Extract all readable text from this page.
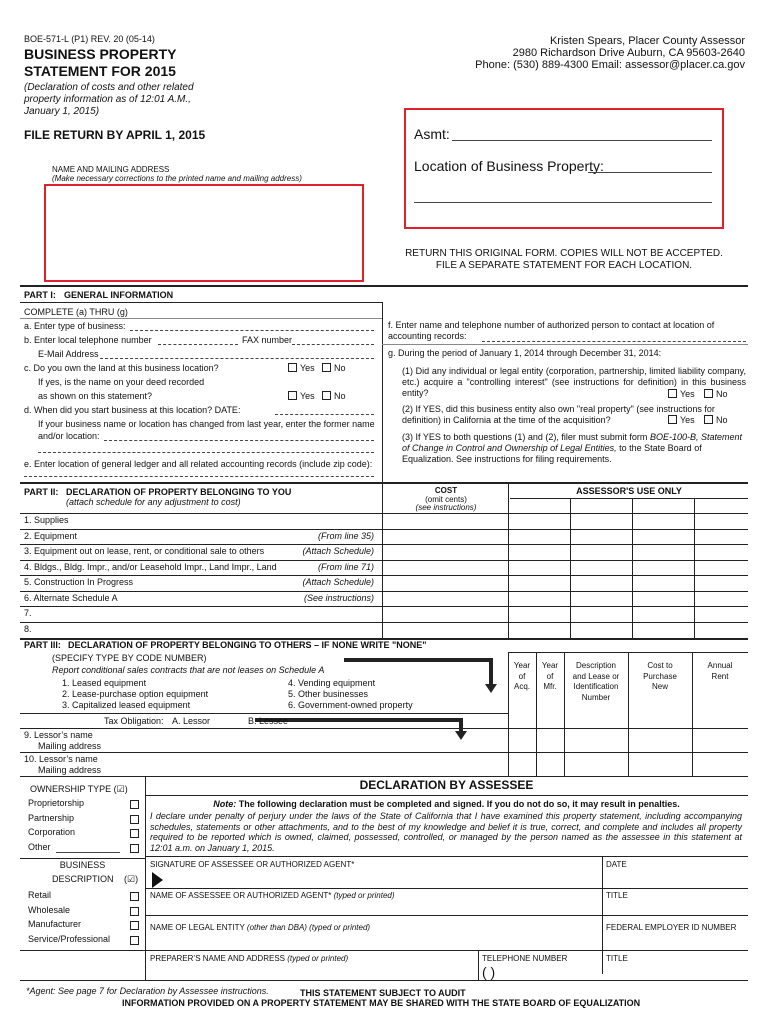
BOE-571-L (P1) REV. 20 (05-14)
BUSINESS PROPERTY
STATEMENT FOR 2015
(Declaration of costs and other related property information as of 12:01 A.M., January 1, 2015)
FILE RETURN BY APRIL 1, 2015
Kristen Spears, Placer County Assessor
2980 Richardson Drive Auburn, CA 95603-2640
Phone: (530) 889-4300 Email: assessor@placer.ca.gov
NAME AND MAILING ADDRESS
(Make necessary corrections to the printed name and mailing address)
Asmt:
Location of Business Property:
RETURN THIS ORIGINAL FORM. COPIES WILL NOT BE ACCEPTED.
FILE A SEPARATE STATEMENT FOR EACH LOCATION.
PART I: GENERAL INFORMATION
COMPLETE (a) THRU (g)
a. Enter type of business:
b. Enter local telephone number	FAX number
E-Mail Address
c. Do you own the land at this business location?	Yes	No
If yes, is the name on your deed recorded
as shown on this statement?	Yes	No
d. When did you start business at this location? DATE:
If your business name or location has changed from last year, enter the former name
and/or location:
e. Enter location of general ledger and all related accounting records (include zip code):
f. Enter name and telephone number of authorized person to contact at location of accounting records:
g. During the period of January 1, 2014 through December 31, 2014:
(1) Did any individual or legal entity (corporation, partnership, limited liability company, etc.) acquire a "controlling interest" (see instructions for definition) in this business entity?	Yes	No
(2) If YES, did this business entity also own "real property" (see instructions for definition) in California at the time of the acquisition?	Yes	No
(3) If YES to both questions (1) and (2), filer must submit form BOE-100-B, Statement of Change in Control and Ownership of Legal Entities, to the State Board of Equalization. See instructions for filing requirements.
PART II: DECLARATION OF PROPERTY BELONGING TO YOU
(attach schedule for any adjustment to cost)
COST
(omit cents)
(see instructions)
ASSESSOR'S USE ONLY
1. Supplies
2. Equipment	(From line 35)
3. Equipment out on lease, rent, or conditional sale to others	(Attach Schedule)
4. Bldgs., Bldg. Impr., and/or Leasehold Impr., Land Impr., Land	(From line 71)
5. Construction In Progress	(Attach Schedule)
6. Alternate Schedule A	(See instructions)
7.
8.
PART III: DECLARATION OF PROPERTY BELONGING TO OTHERS – IF NONE WRITE "NONE"
(SPECIFY TYPE BY CODE NUMBER)
Report conditional sales contracts that are not leases on Schedule A
1. Leased equipment
2. Lease-purchase option equipment
3. Capitalized leased equipment
4. Vending equipment
5. Other businesses
6. Government-owned property
Year
of
Acq.
Year
of
Mfr.
Description
and Lease or
Identification
Number
Cost to
Purchase
New
Annual
Rent
Tax Obligation: A. Lessor	B. Lessee
9. Lessor’s name
Mailing address
10. Lessor’s name
Mailing address
OWNERSHIP TYPE (☑)
Proprietorship
Partnership
Corporation
Other
BUSINESS
DESCRIPTION (☑)
Retail
Wholesale
Manufacturer
Service/Professional
DECLARATION BY ASSESSEE
Note: The following declaration must be completed and signed. If you do not do so, it may result in penalties.
I declare under penalty of perjury under the laws of the State of California that I have examined this property statement, including accompanying schedules, statements or other attachments, and to the best of my knowledge and belief it is true, correct, and complete and includes all property required to be reported which is owned, claimed, possessed, controlled, or managed by the person named as the assessee in this statement at 12:01 a.m. on January 1, 2015.
SIGNATURE OF ASSESSEE OR AUTHORIZED AGENT*	DATE
NAME OF ASSESSEE OR AUTHORIZED AGENT* (typed or printed)	TITLE
NAME OF LEGAL ENTITY (other than DBA) (typed or printed)	FEDERAL EMPLOYER ID NUMBER
PREPARER’S NAME AND ADDRESS (typed or printed)	TELEPHONE NUMBER
( )
TITLE
*Agent: See page 7 for Declaration by Assessee instructions.	THIS STATEMENT SUBJECT TO AUDIT
INFORMATION PROVIDED ON A PROPERTY STATEMENT MAY BE SHARED WITH THE STATE BOARD OF EQUALIZATION
